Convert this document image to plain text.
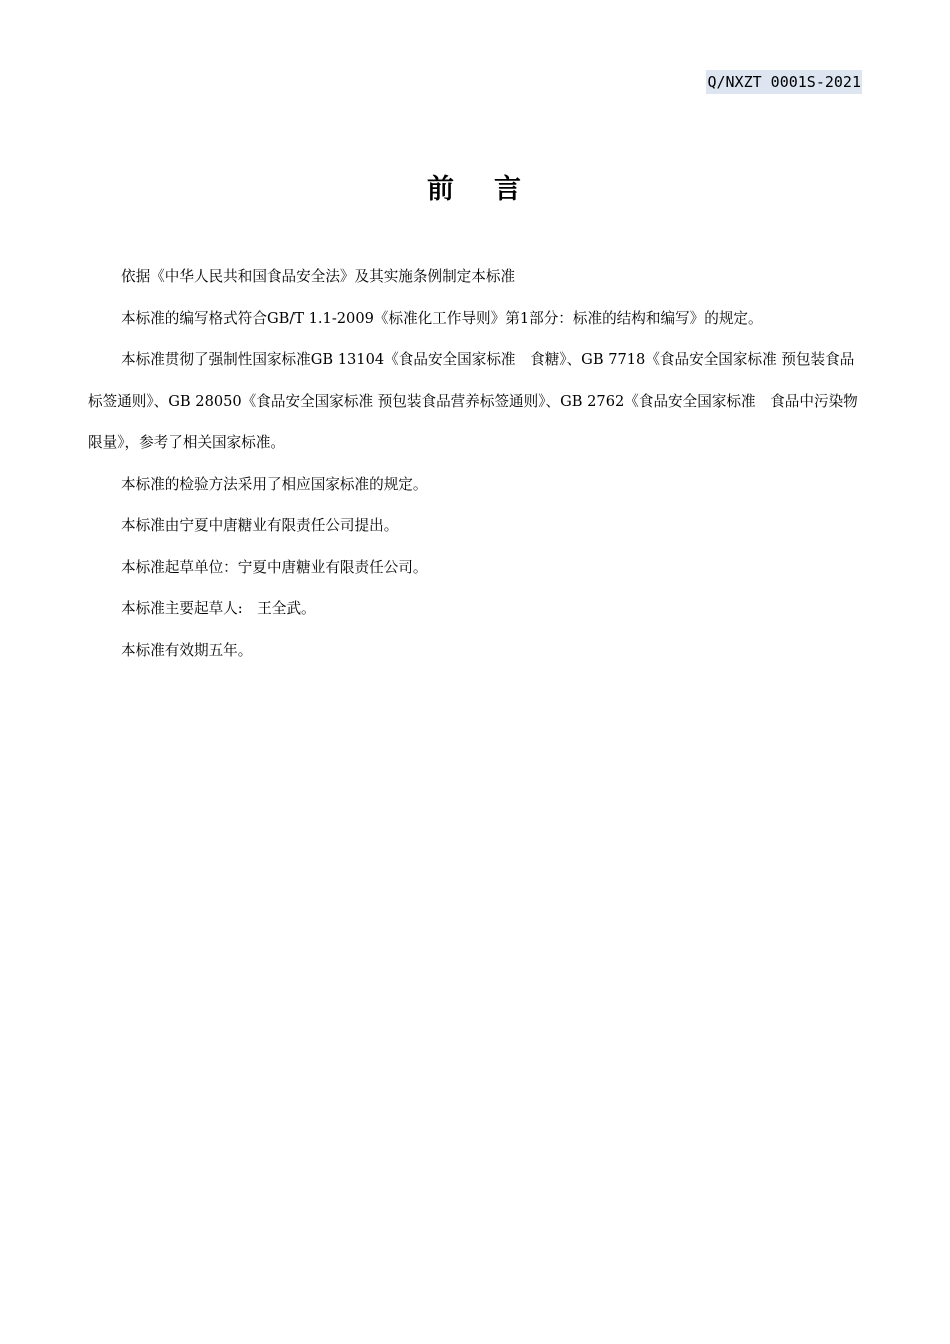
Q/NXZT 0001S-2021
前 言

依据《中华人民共和国食品安全法》及其实施条例制定本标准

本标准的编写格式符合GB/T 1.1-2009《标准化工作导则》第1部分：标准的结构和编写》的规定。

本标准贯彻了强制性国家标准GB 13104《食品安全国家标准　食糖》、GB 7718《食品安全国家标准 预包装食品标签通则》、GB 28050《食品安全国家标准 预包装食品营养标签通则》、GB 2762《食品安全国家标准　食品中污染物限量》，参考了相关国家标准。

本标准的检验方法采用了相应国家标准的规定。

本标准由宁夏中唐糖业有限责任公司提出。

本标准起草单位：宁夏中唐糖业有限责任公司。

本标准主要起草人:　王全武。

本标准有效期五年。
